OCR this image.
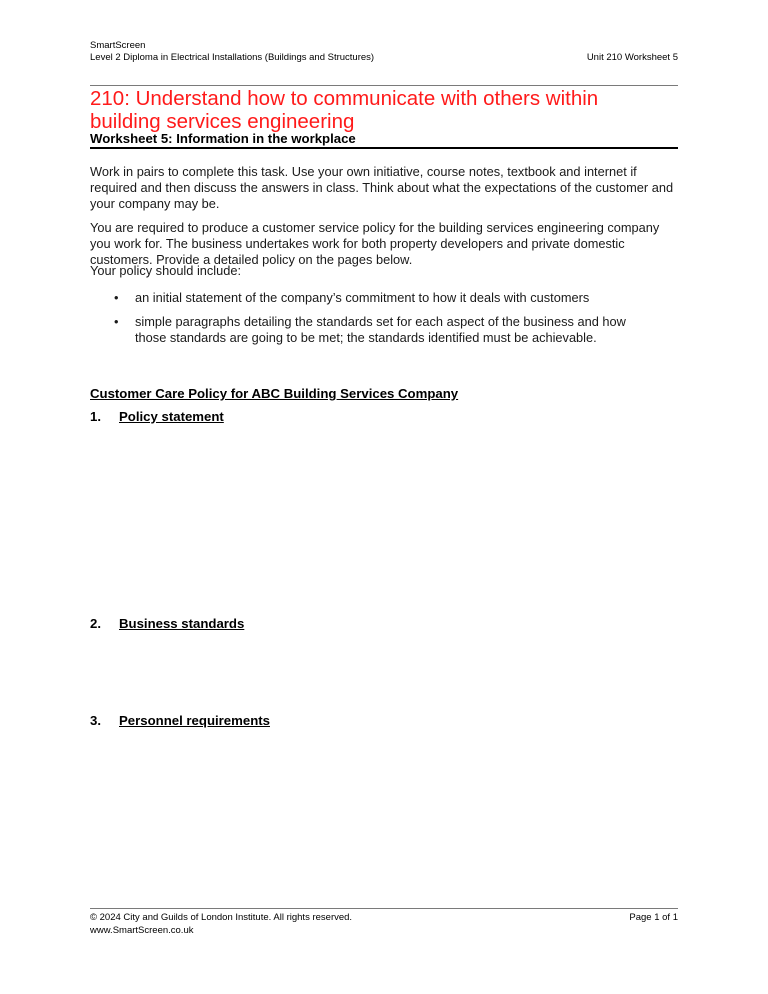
SmartScreen
Level 2 Diploma in Electrical Installations (Buildings and Structures)	Unit 210 Worksheet 5
210: Understand how to communicate with others within
building services engineering
Worksheet 5: Information in the workplace
Work in pairs to complete this task. Use your own initiative, course notes, textbook and internet if required and then discuss the answers in class. Think about what the expectations of the customer and your company may be.
You are required to produce a customer service policy for the building services engineering company you work for. The business undertakes work for both property developers and private domestic customers. Provide a detailed policy on the pages below.
Your policy should include:
• an initial statement of the company’s commitment to how it deals with customers
• simple paragraphs detailing the standards set for each aspect of the business and how those standards are going to be met; the standards identified must be achievable.
Customer Care Policy for ABC Building Services Company
1. Policy statement
2. Business standards
3. Personnel requirements
© 2024 City and Guilds of London Institute. All rights reserved.
www.SmartScreen.co.uk
Page 1 of 1
